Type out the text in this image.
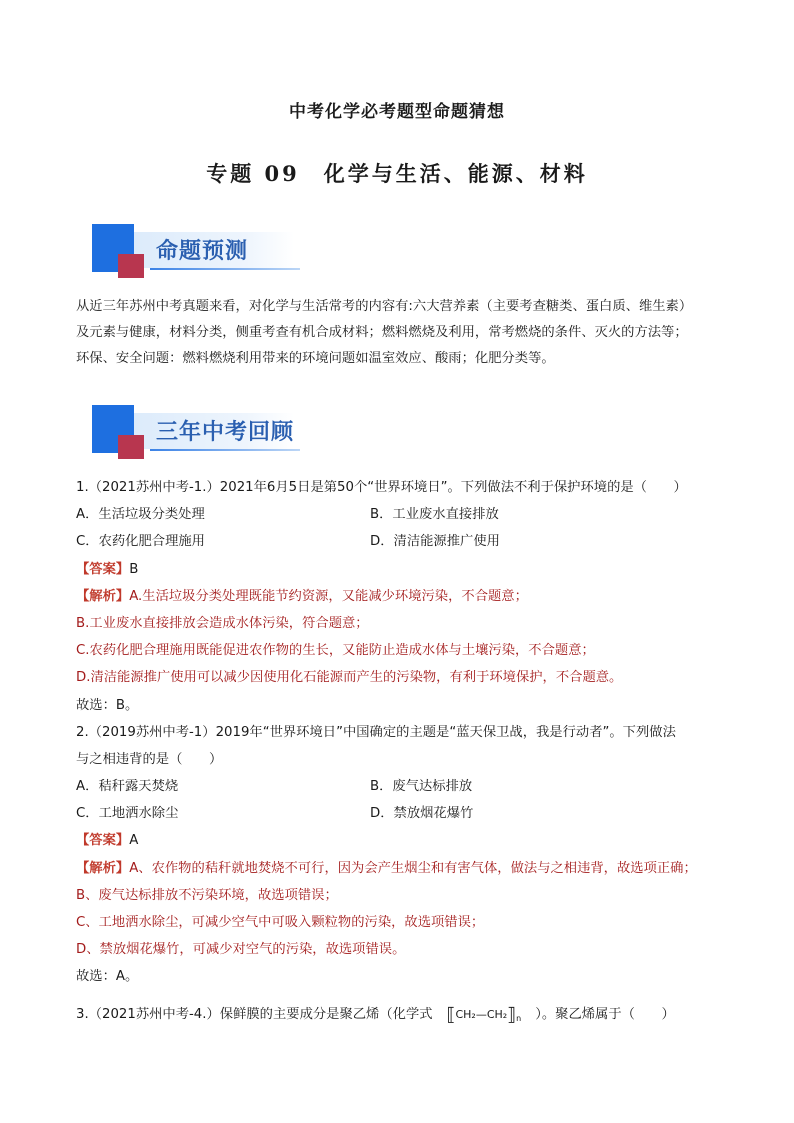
中考化学必考题型命题猜想
专题 09　化学与生活、能源、材料
命题预测
从近三年苏州中考真题来看，对化学与生活常考的内容有:六大营养素（主要考查糖类、蛋白质、维生素）
及元素与健康，材料分类，侧重考查有机合成材料；燃料燃烧及利用，常考燃烧的条件、灭火的方法等；
环保、安全问题：燃料燃烧利用带来的环境问题如温室效应、酸雨；化肥分类等。
三年中考回顾
1.（2021苏州中考-1.）2021年6月5日是第50个“世界环境日”。下列做法不利于保护环境的是（　　）
A．生活垃圾分类处理	B．工业废水直接排放
C．农药化肥合理施用	D．清洁能源推广使用
【答案】B
【解析】A.生活垃圾分类处理既能节约资源，又能减少环境污染，不合题意；
B.工业废水直接排放会造成水体污染，符合题意；
C.农药化肥合理施用既能促进农作物的生长，又能防止造成水体与土壤污染，不合题意；
D.清洁能源推广使用可以减少因使用化石能源而产生的污染物，有利于环境保护，不合题意。
故选：B。
2.（2019苏州中考-1）2019年“世界环境日”中国确定的主题是“蓝天保卫战，我是行动者”。下列做法
与之相违背的是（　　）
A．秸秆露天焚烧	B．废气达标排放
C．工地洒水除尘	D．禁放烟花爆竹
【答案】A
【解析】A、农作物的秸秆就地焚烧不可行，因为会产生烟尘和有害气体，做法与之相违背，故选项正确；
B、废气达标排放不污染环境，故选项错误；
C、工地洒水除尘，可减少空气中可吸入颗粒物的污染，故选项错误；
D、禁放烟花爆竹，可减少对空气的污染，故选项错误。
故选：A。
3.（2021苏州中考-4.）保鲜膜的主要成分是聚乙烯（化学式 $⟦CH_2—CH_2⟧_n$ ）。聚乙烯属于（　　）
